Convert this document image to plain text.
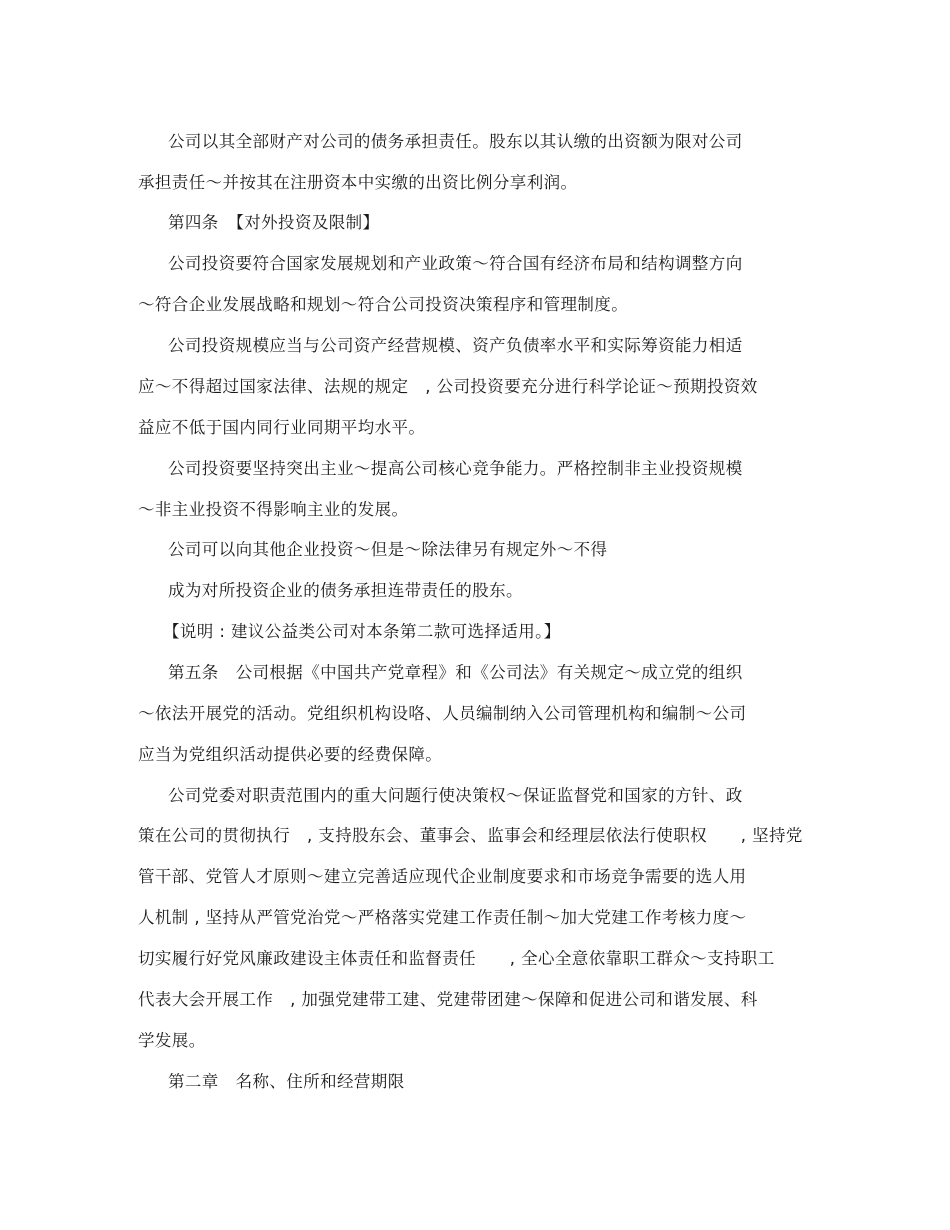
公司以其全部财产对公司的债务承担责任。股东以其认缴的出资额为限对公司
承担责任～并按其在注册资本中实缴的出资比例分享利润。
第四条　【对外投资及限制】
公司投资要符合国家发展规划和产业政策～符合国有经济布局和结构调整方向
～符合企业发展战略和规划～符合公司投资决策程序和管理制度。
公司投资规模应当与公司资产经营规模、资产负债率水平和实际筹资能力相适
应～不得超过国家法律、法规的规定　, 公司投资要充分进行科学论证～预期投资效
益应不低于国内同行业同期平均水平。
公司投资要坚持突出主业～提高公司核心竞争能力。严格控制非主业投资规模
～非主业投资不得影响主业的发展。
公司可以向其他企业投资～但是～除法律另有规定外～不得
成为对所投资企业的债务承担连带责任的股东。
【说明 : 建议公益类公司对本条第二款可选择适用。】
第五条　公司根据《中国共产党章程》和《公司法》有关规定～成立党的组织
～依法开展党的活动。党组织机构设咯、人员编制纳入公司管理机构和编制～公司
应当为党组织活动提供必要的经费保障。
公司党委对职责范围内的重大问题行使决策权～保证监督党和国家的方针、政
策在公司的贯彻执行　, 支持股东会、董事会、监事会和经理层依法行使职权　　, 坚持党
管干部、党管人才原则～建立完善适应现代企业制度要求和市场竞争需要的选人用
人机制 , 坚持从严管党治党～严格落实党建工作责任制～加大党建工作考核力度～
切实履行好党风廉政建设主体责任和监督责任　　, 全心全意依靠职工群众～支持职工
代表大会开展工作　, 加强党建带工建、党建带团建～保障和促进公司和谐发展、科
学发展。
第二章　名称、住所和经营期限
